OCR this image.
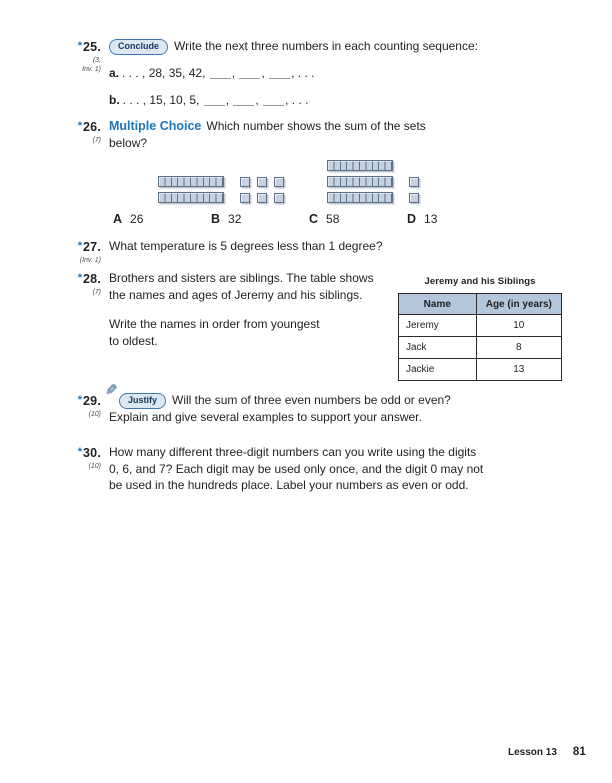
*25.
(3,
Inv. 1)
Conclude Write the next three numbers in each counting sequence:
a. . . . , 28, 35, 42, , , , . . .
b. . . . , 15, 10, 5, , , , . . .
*26.
(7)
Multiple Choice Which number shows the sum of the sets
below?
A 26	B 32	C 58	D 13
*27.
(Inv. 1)
What temperature is 5 degrees less than 1 degree?
*28.
(7)
Brothers and sisters are siblings. The table shows
the names and ages of Jeremy and his siblings.
Write the names in order from youngest
to oldest.
Jeremy and his Siblings
Name	Age (in years)
Jeremy	10
Jack	8
Jackie	13
*29.
(10)
✎
Justify Will the sum of three even numbers be odd or even?
Explain and give several examples to support your answer.
*30.
(10)
How many different three-digit numbers can you write using the digits
0, 6, and 7? Each digit may be used only once, and the digit 0 may not
be used in the hundreds place. Label your numbers as even or odd.
Lesson 13 81
